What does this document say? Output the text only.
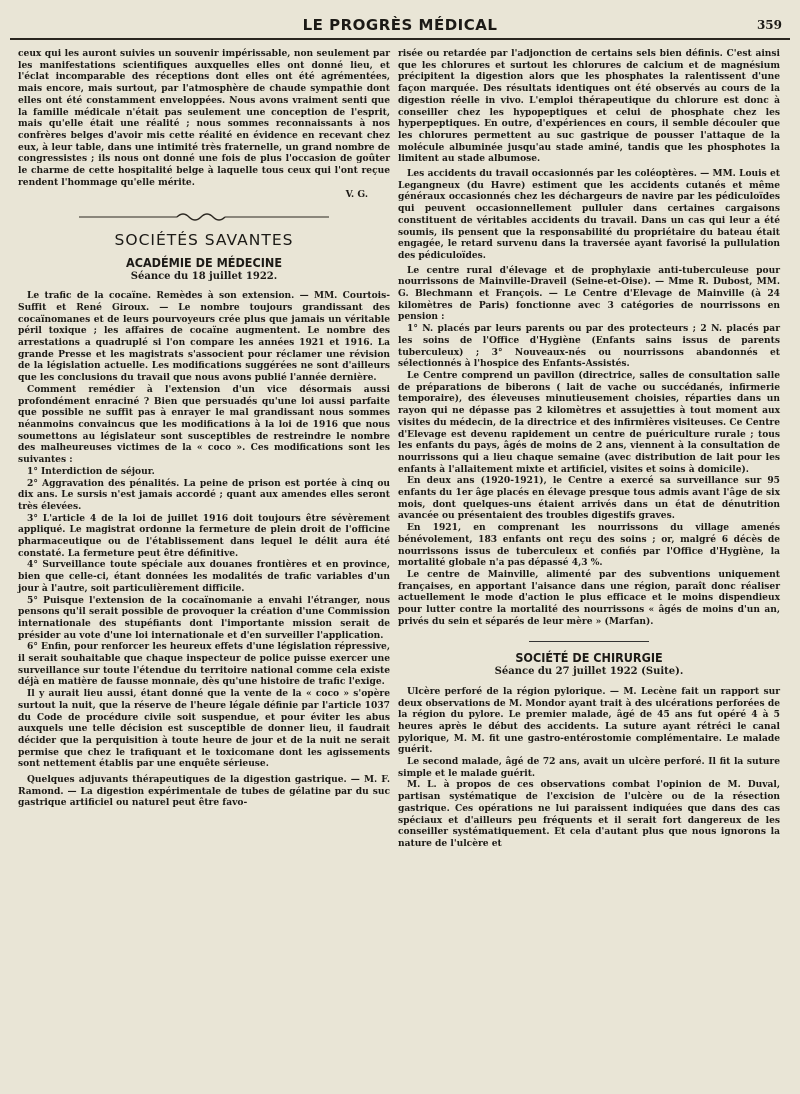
LE PROGRÈS MÉDICAL	359

ceux qui les auront suivies un souvenir impérissable, non seulement par les manifestations scientifiques auxquelles elles ont donné lieu, et l'éclat incomparable des réceptions dont elles ont été agrémentées, mais encore, mais surtout, par l'atmosphère de chaude sympathie dont elles ont été constamment enveloppées. Nous avons vraiment senti que la famille médicale n'était pas seulement une conception de l'esprit, mais qu'elle était une réalité ; nous sommes reconnaissants à nos confrères belges d'avoir mis cette réalité en évidence en recevant chez eux, à leur table, dans une intimité très fraternelle, un grand nombre de congressistes ; ils nous ont donné une fois de plus l'occasion de goûter le charme de cette hospitalité belge à laquelle tous ceux qui l'ont reçue rendent l'hommage qu'elle mérite.

V. G.
SOCIÉTÉS SAVANTES
ACADÉMIE DE MÉDECINE
Séance du 18 juillet 1922.

Le trafic de la cocaïne. Remèdes à son extension. — MM. Courtois-Suffit et René Giroux. — Le nombre toujours grandissant des cocaïnomanes et de leurs pourvoyeurs crée plus que jamais un véritable péril toxique ; les affaires de cocaïne augmentent. Le nombre des arrestations a quadruplé si l'on compare les années 1921 et 1916. La grande Presse et les magistrats s'associent pour réclamer une révision de la législation actuelle. Les modifications suggérées ne sont d'ailleurs que les conclusions du travail que nous avons publié l'année dernière.

Comment remédier à l'extension d'un vice désormais aussi profondément enraciné ? Bien que persuadés qu'une loi aussi parfaite que possible ne suffit pas à enrayer le mal grandissant nous sommes néanmoins convaincus que les modifications à la loi de 1916 que nous soumettons au législateur sont susceptibles de restreindre le nombre des malheureuses victimes de la « coco ». Ces modifications sont les suivantes :

1° Interdiction de séjour.

2° Aggravation des pénalités. La peine de prison est portée à cinq ou dix ans. Le sursis n'est jamais accordé ; quant aux amendes elles seront très élevées.

3° L'article 4 de la loi de juillet 1916 doit toujours être sévèrement appliqué. Le magistrat ordonne la fermeture de plein droit de l'officine pharmaceutique ou de l'établissement dans lequel le délit aura été constaté. La fermeture peut être définitive.

4° Surveillance toute spéciale aux douanes frontières et en province, bien que celle-ci, étant données les modalités de trafic variables d'un jour à l'autre, soit particulièrement difficile.

5° Puisque l'extension de la cocaïnomanie a envahi l'étranger, nous pensons qu'il serait possible de provoquer la création d'une Commission internationale des stupéfiants dont l'importante mission serait de présider au vote d'une loi internationale et d'en surveiller l'application.

6° Enfin, pour renforcer les heureux effets d'une législation répressive, il serait souhaitable que chaque inspecteur de police puisse exercer une surveillance sur toute l'étendue du territoire national comme cela existe déjà en matière de fausse monnaie, dès qu'une histoire de trafic l'exige.

Il y aurait lieu aussi, étant donné que la vente de la « coco » s'opère surtout la nuit, que la réserve de l'heure légale définie par l'article 1037 du Code de procédure civile soit suspendue, et pour éviter les abus auxquels une telle décision est susceptible de donner lieu, il faudrait décider que la perquisition à toute heure de jour et de la nuit ne serait permise que chez le trafiquant et le toxicomane dont les agissements sont nettement établis par une enquête sérieuse.

Quelques adjuvants thérapeutiques de la digestion gastrique. — M. F. Ramond. — La digestion expérimentale de tubes de gélatine par du suc gastrique artificiel ou naturel peut être favo-

risée ou retardée par l'adjonction de certains sels bien définis. C'est ainsi que les chlorures et surtout les chlorures de calcium et de magnésium précipitent la digestion alors que les phosphates la ralentissent d'une façon marquée. Des résultats identiques ont été observés au cours de la digestion réelle in vivo. L'emploi thérapeutique du chlorure est donc à conseiller chez les hypopeptiques et celui de phosphate chez les hyperpeptiques. En outre, d'expériences en cours, il semble découler que les chlorures permettent au suc gastrique de pousser l'attaque de la molécule albuminée jusqu'au stade aminé, tandis que les phosphotes la limitent au stade albumose.

Les accidents du travail occasionnés par les coléoptères. — MM. Louis et Legangneux (du Havre) estiment que les accidents cutanés et même généraux occasionnés chez les déchargeurs de navire par les pédiculoïdes qui peuvent occasionnellement pulluler dans certaines cargaisons constituent de véritables accidents du travail. Dans un cas qui leur a été soumis, ils pensent que la responsabilité du propriétaire du bateau était engagée, le retard survenu dans la traversée ayant favorisé la pullulation des pédiculoïdes.

Le centre rural d'élevage et de prophylaxie anti-tuberculeuse pour nourrissons de Mainville-Draveil (Seine-et-Oise). — Mme R. Dubost, MM. G. Blechmann et François. — Le Centre d'Elevage de Mainville (à 24 kilomètres de Paris) fonctionne avec 3 catégories de nourrissons en pension :

1° N. placés par leurs parents ou par des protecteurs ; 2 N. placés par les soins de l'Office d'Hygiène (Enfants sains issus de parents tuberculeux) ; 3° Nouveaux-nés ou nourrissons abandonnés et sélectionnés à l'hospice des Enfants-Assistés.

Le Centre comprend un pavillon (directrice, salles de consultation salle de préparations de biberons ( lait de vache ou succédanés, infirmerie temporaire), des éleveuses minutieusement choisies, réparties dans un rayon qui ne dépasse pas 2 kilomètres et assujetties à tout moment aux visites du médecin, de la directrice et des infirmières visiteuses. Ce Centre d'Elevage est devenu rapidement un centre de puériculture rurale ; tous les enfants du pays, âgés de moins de 2 ans, viennent à la consultation de nourrissons qui a lieu chaque semaine (avec distribution de lait pour les enfants à l'allaitement mixte et artificiel, visites et soins à domicile).

En deux ans (1920-1921), le Centre a exercé sa surveillance sur 95 enfants du 1er âge placés en élevage presque tous admis avant l'âge de six mois, dont quelques-uns étaient arrivés dans un état de dénutrition avancée ou présentaient des troubles digestifs graves.

En 1921, en comprenant les nourrissons du village amenés bénévolement, 183 enfants ont reçu des soins ; or, malgré 6 décès de nourrissons issus de tuberculeux et confiés par l'Office d'Hygiène, la mortalité globale n'a pas dépassé 4,3 %.

Le centre de Mainville, alimenté par des subventions uniquement françaises, en apportant l'aisance dans une région, paraît donc réaliser actuellement le mode d'action le plus efficace et le moins dispendieux pour lutter contre la mortalité des nourrissons « âgés de moins d'un an, privés du sein et séparés de leur mère » (Marfan).

SOCIÉTÉ DE CHIRURGIE
Séance du 27 juillet 1922 (Suite).

Ulcère perforé de la région pylorique. — M. Lecène fait un rapport sur deux observations de M. Mondor ayant trait à des ulcérations perforées de la région du pylore. Le premier malade, âgé de 45 ans fut opéré 4 à 5 heures après le début des accidents. La suture ayant rétréci le canal pylorique, M. M. fit une gastro-entérostomie complémentaire. Le malade guérit.

Le second malade, âgé de 72 ans, avait un ulcère perforé. Il fit la suture simple et le malade guérit.

M. L. à propos de ces observations combat l'opinion de M. Duval, partisan systématique de l'excision de l'ulcère ou de la résection gastrique. Ces opérations ne lui paraissent indiquées que dans des cas spéciaux et d'ailleurs peu fréquents et il serait fort dangereux de les conseiller systématiquement. Et cela d'autant plus que nous ignorons la nature de l'ulcère et
